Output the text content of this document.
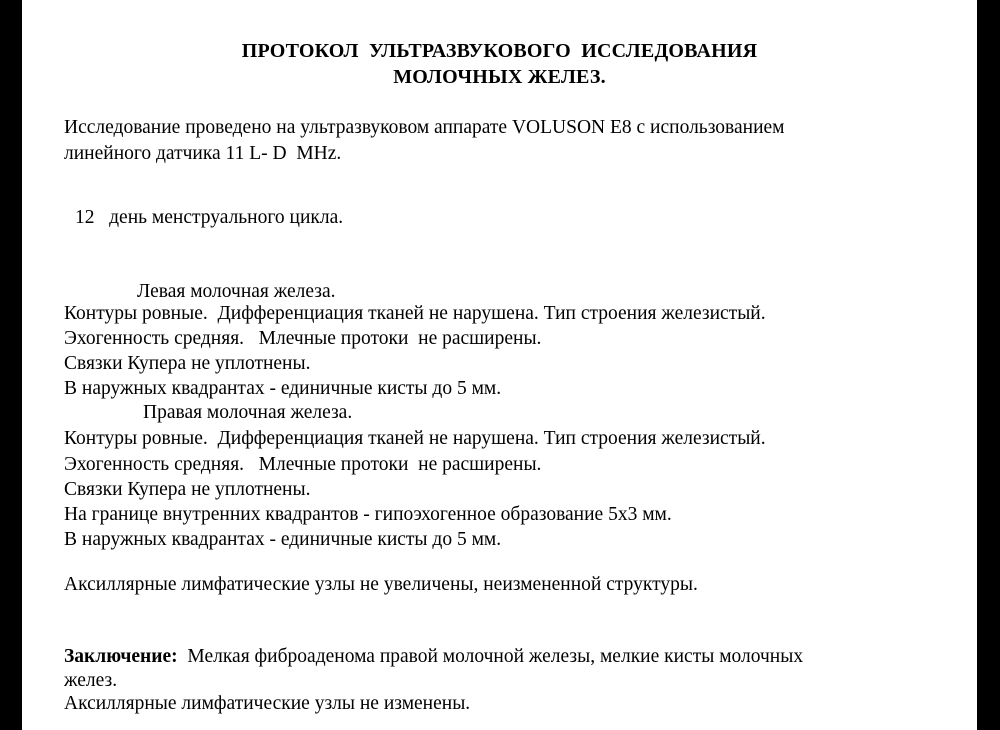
ПРОТОКОЛ  УЛЬТРАЗВУКОВОГО  ИССЛЕДОВАНИЯ
МОЛОЧНЫХ ЖЕЛЕЗ.
Исследование проведено на ультразвуковом аппарате VOLUSON E8 с использованием
линейного датчика 11 L- D  MHz.
12   день менструального цикла.
Левая молочная железа.
Контуры ровные.  Дифференциация тканей не нарушена. Тип строения железистый.
Эхогенность средняя.   Млечные протоки  не расширены.
Связки Купера не уплотнены.
В наружных квадрантах - единичные кисты до 5 мм.
Правая молочная железа.
Контуры ровные.  Дифференциация тканей не нарушена. Тип строения железистый.
Эхогенность средняя.   Млечные протоки  не расширены.
Связки Купера не уплотнены.
На границе внутренних квадрантов - гипоэхогенное образование 5х3 мм.
В наружных квадрантах - единичные кисты до 5 мм.
Аксиллярные лимфатические узлы не увеличены, неизмененной структуры.
Заключение:  Мелкая фиброаденома правой молочной железы, мелкие кисты молочных
желез.
Аксиллярные лимфатические узлы не изменены.
